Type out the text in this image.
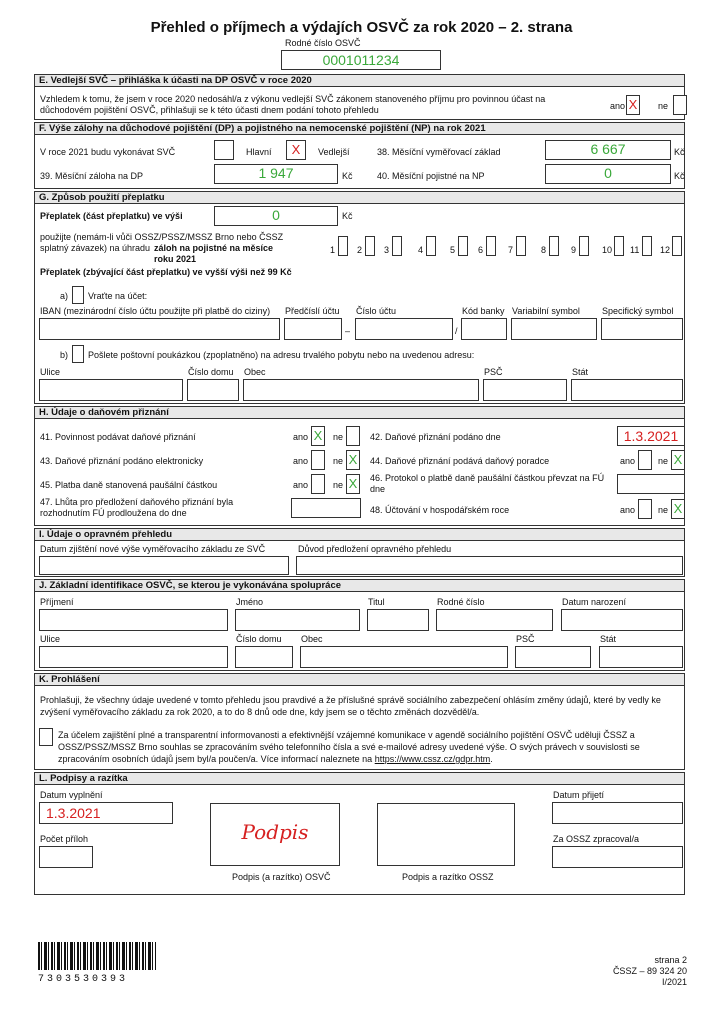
Přehled o příjmech a výdajích OSVČ za rok 2020 – 2. strana
Rodné číslo OSVČ
0001011234
E. Vedlejší SVČ – přihláška k účasti na DP OSVČ v roce 2020
Vzhledem k tomu, že jsem v roce 2020 nedosáhl/a z výkonu vedlejší SVČ zákonem stanoveného příjmu pro povinnou účast na důchodovém pojištění OSVČ, přihlašuji se k této účasti dnem podání tohoto přehledu	ano X ne
F. Výše zálohy na důchodové pojištění (DP) a pojistného na nemocenské pojištění (NP) na rok 2021
V roce 2021 budu vykonávat SVČ	Hlavní X Vedlejší	38. Měsíční vyměřovací základ	6 667	Kč
39. Měsíční záloha na DP	1 947	Kč	40. Měsíční pojistné na NP	0	Kč
G. Způsob použití přeplatku
Přeplatek (část přeplatku) ve výši	0	Kč
použijte (nemám-li vůči OSSZ/PSSZ/MSSZ Brno nebo ČSSZ
splatný závazek) na úhradu záloh na pojistné na měsíce roku 2021
1 2 3	4	5	6	7	8	9	10 11 12
Přeplatek (zbývající část přeplatku) ve vyšší výši než 99 Kč
a) Vraťte na účet:
IBAN (mezinárodní číslo účtu použijte při platbě do ciziny) Předčíslí účtu
–
Číslo účtu
/
Kód banky Variabilní symbol Specifický symbol
b) Pošlete poštovní poukázkou (zpoplatněno) na adresu trvalého pobytu nebo na uvedenou adresu:
Ulice	Číslo domu Obec	PSČ	Stát
H. Údaje o daňovém přiznání
41. Povinnost podávat daňové přiznání	ano X ne	42. Daňové přiznání podáno dne	1.3.2021
43. Daňové přiznání podáno elektronicky	ano	ne X 44. Daňové přiznání podává daňový poradce	ano	ne X
45. Platba daně stanovená paušální částkou	ano	ne X 46. Protokol o platbě daně paušální částkou převzat na FÚ dne
47. Lhůta pro předložení daňového přiznání byla rozhodnutím FÚ prodloužena do dne	48. Účtování v hospodářském roce	ano	ne X
I. Údaje o opravném přehledu
Datum zjištění nové výše vyměřovacího základu ze SVČ	Důvod předložení opravného přehledu
J. Základní identifikace OSVČ, se kterou je vykonávána spolupráce
Příjmení	Jméno	Titul	Rodné číslo	Datum narození
Ulice	Číslo domu Obec	PSČ	Stát
K. Prohlášení
Prohlašuji, že všechny údaje uvedené v tomto přehledu jsou pravdivé a že příslušné správě sociálního zabezpečení ohlásím změny údajů, které by vedly ke zvýšení vyměřovacího základu za rok 2020, a to do 8 dnů ode dne, kdy jsem se o těchto změnách dozvěděl/a.
Za účelem zajištění plné a transparentní informovanosti a efektivnější vzájemné komunikace v agendě sociálního pojištění OSVČ uděluji ČSSZ a OSSZ/PSSZ/MSSZ Brno souhlas se zpracováním svého telefonního čísla a své e-mailové adresy uvedené výše. O svých právech v souvislosti se zpracováním osobních údajů jsem byl/a poučen/a. Více informací naleznete na https://www.cssz.cz/gdpr.htm.
L. Podpisy a razítka
Datum vyplnění
1.3.2021
Počet příloh	Podpis
Podpis (a razítko) OSVČ	Podpis a razítko OSSZ
Datum přijetí
Za OSSZ zpracoval/a
7303530393
strana 2
ČSSZ – 89 324 20
I/2021
